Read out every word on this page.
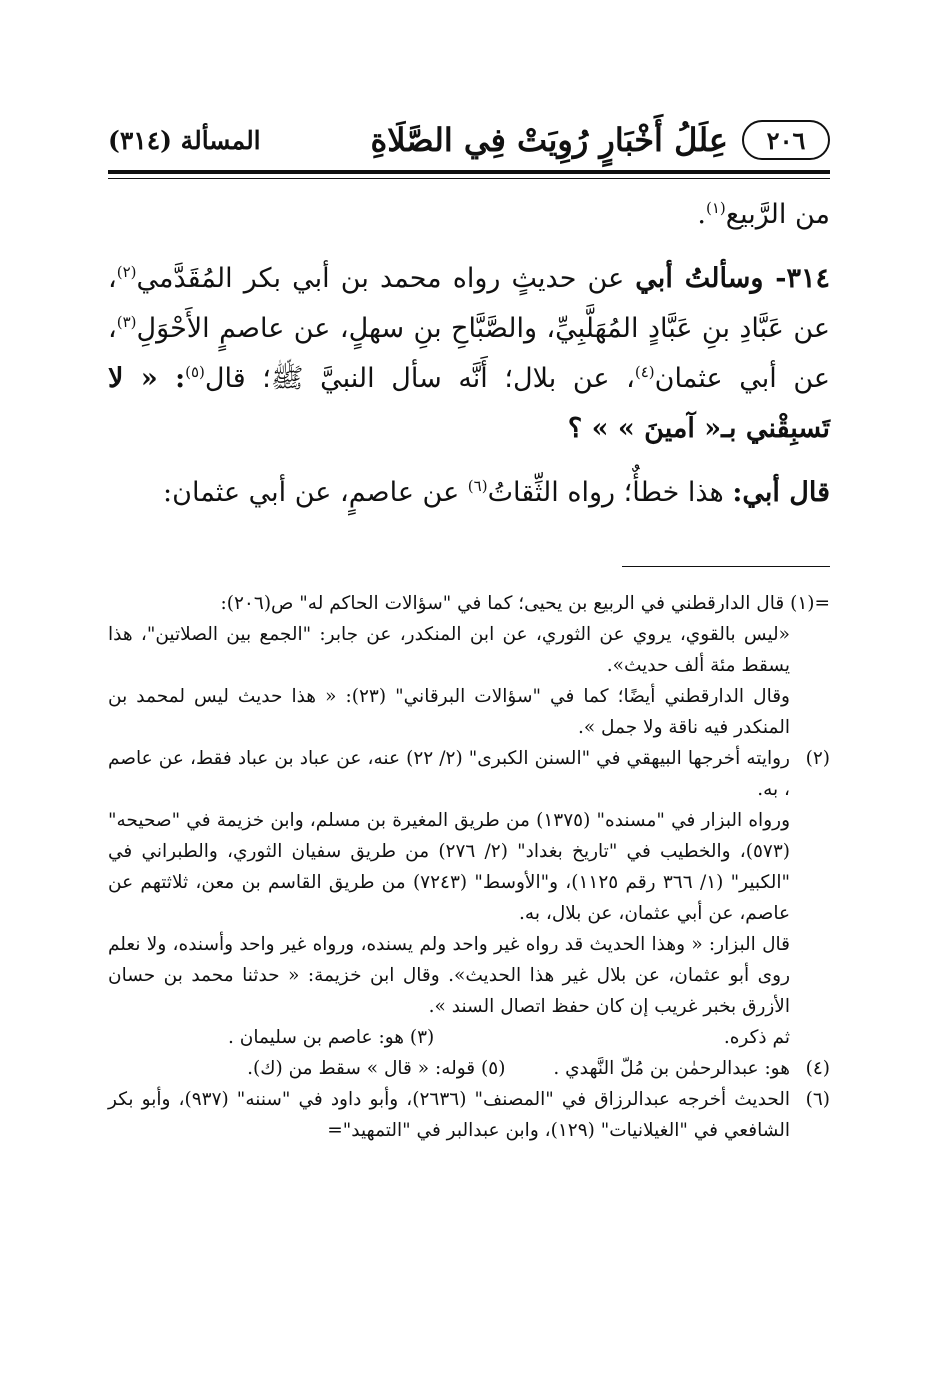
٢٠٦
عِلَلُ أَخْبَارٍ رُوِيَتْ فِي الصَّلَاةِ
المسألة (٣١٤)

من الرَّبيع$^{(١)}$.

٣١٤- وسألتُ أبي عن حديثٍ رواه محمد بن أبي بكر المُقَدَّمي$^{(٢)}$، عن عَبَّادِ بنِ عَبَّادٍ المُهَلَّبِيِّ، والصَّبَّاحِ بنِ سهلٍ، عن عاصمٍ الأَحْوَلِ$^{(٣)}$، عن أبي عثمان$^{(٤)}$، عن بلال؛ أَنَّه سأل النبيَّ ﷺ؛ قال$^{(٥)}$: « لا تَسبِقْني بـ« آمينَ » » ؟

قال أبي: هذا خطأٌ؛ رواه الثِّقاتُ$^{(٦)}$ عن عاصمٍ، عن أبي عثمان:

=(١) قال الدارقطني في الربيع بن يحيى؛ كما في "سؤالات الحاكم له" ص(٢٠٦):

«ليس بالقوي، يروي عن الثوري، عن ابن المنكدر، عن جابر: "الجمع بين الصلاتين"، هذا يسقط مئة ألف حديث».

وقال الدارقطني أيضًا؛ كما في "سؤالات البرقاني" (٢٣): « هذا حديث ليس لمحمد بن المنكدر فيه ناقة ولا جمل ».

(٢)

روايته أخرجها البيهقي في "السنن الكبرى" (٢/ ٢٢) عنه، عن عباد بن عباد فقط، عن عاصم ، به.

ورواه البزار في "مسنده" (١٣٧٥) من طريق المغيرة بن مسلم، وابن خزيمة في "صحيحه" (٥٧٣)، والخطيب في "تاريخ بغداد" (٢/ ٢٧٦) من طريق سفيان الثوري، والطبراني في "الكبير" (١/ ٣٦٦ رقم ١١٢٥)، و"الأوسط" (٧٢٤٣) من طريق القاسم بن معن، ثلاثتهم عن عاصم، عن أبي عثمان، عن بلال، به.

قال البزار: « وهذا الحديث قد رواه غير واحد ولم يسنده، ورواه غير واحد وأسنده، ولا نعلم روى أبو عثمان، عن بلال غير هذا الحديث». وقال ابن خزيمة: « حدثنا محمد بن حسان الأزرق بخبر غريب إن كان حفظ اتصال السند ».

ثم ذكره.
(٣) هو: عاصم بن سليمان .
(٤)
هو: عبدالرحمٰن بن مُلّ النَّهدي .
(٥) قوله: « قال » سقط من (ك).
(٦)

الحديث أخرجه عبدالرزاق في "المصنف" (٢٦٣٦)، وأبو داود في "سننه" (٩٣٧)، وأبو بكر الشافعي في "الغيلانيات" (١٢٩)، وابن عبدالبر في "التمهيد"=
